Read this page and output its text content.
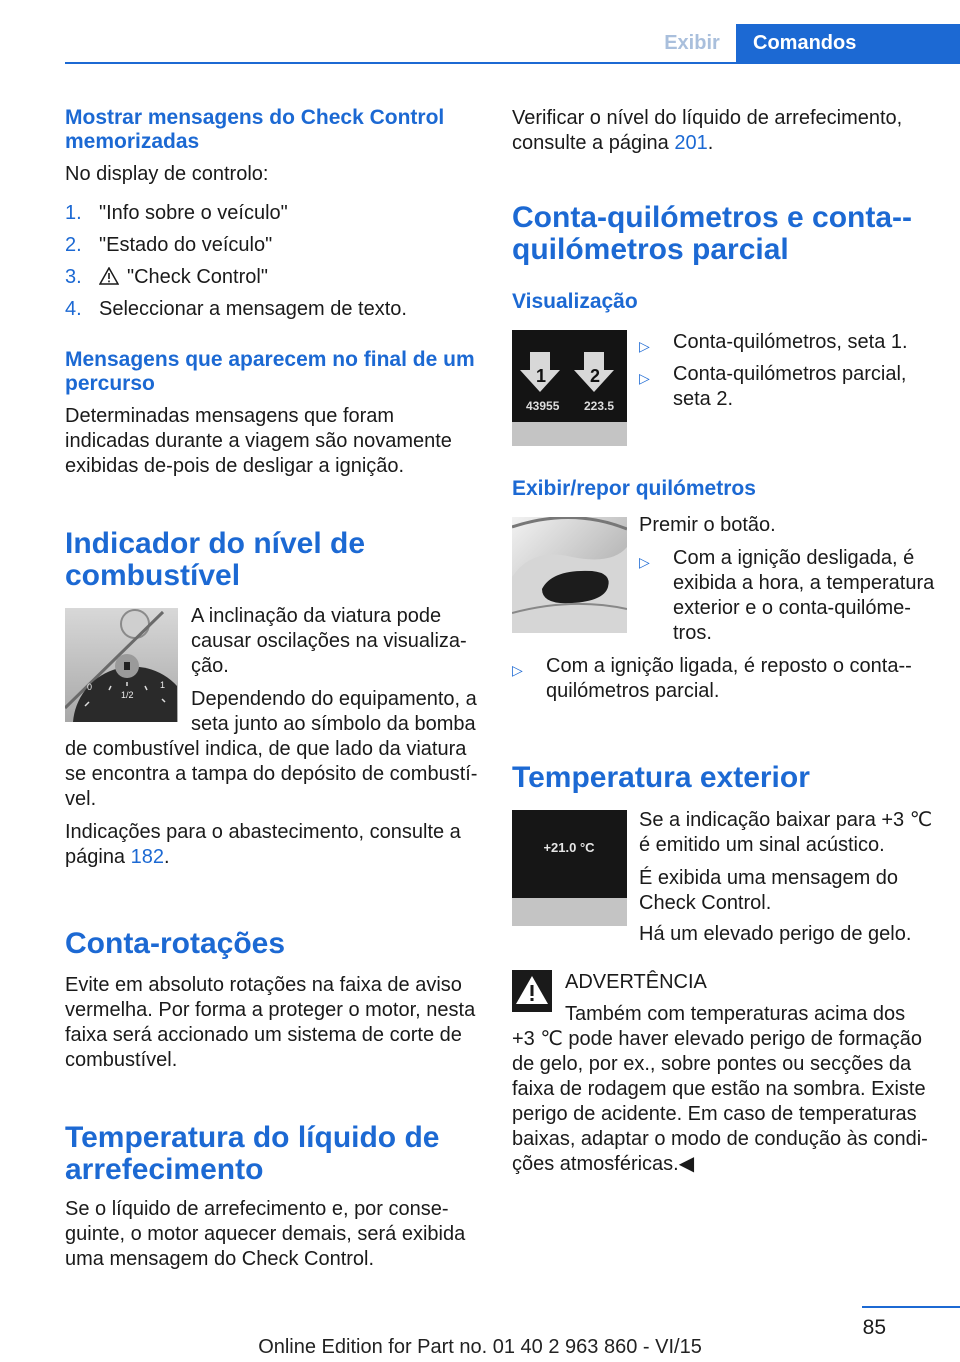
Exibir	Comandos
Mostrar mensagens do Check Control memorizadas
No display de controlo:
1. "Info sobre o veículo"
2. "Estado do veículo"
3. "Check Control"
4. Seleccionar a mensagem de texto.
Mensagens que aparecem no final de um percurso
Determinadas mensagens que foram indicadas durante a viagem são novamente exibidas de-pois de desligar a ignição.
Indicador do nível de combustível
0
1/2
1
A inclinação da viatura pode causar oscilações na visualiza-ção.
Dependendo do equipamento, a seta junto ao símbolo da bomba
de combustível indica, de que lado da viatura se encontra a tampa do depósito de combustí-vel.
Indicações para o abastecimento, consulte a página 182.
Conta-rotações
Evite em absoluto rotações na faixa de aviso vermelha. Por forma a proteger o motor, nesta faixa será accionado um sistema de corte de combustível.
Temperatura do líquido de arrefecimento
Se o líquido de arrefecimento e, por conse-guinte, o motor aquecer demais, será exibida uma mensagem do Check Control.
Verificar o nível do líquido de arrefecimento, consulte a página 201.
Conta-quilómetros e conta--quilómetros parcial
Visualização
1 2
43955 223.5
▷ Conta-quilómetros, seta 1.
▷ Conta-quilómetros parcial, seta 2.
Exibir/repor quilómetros
Premir o botão.
▷ Com a ignição desligada, é exibida a hora, a temperatura exterior e o conta-quilóme-tros.
▷ Com a ignição ligada, é reposto o conta--quilómetros parcial.
Temperatura exterior
+21.0 °C
Se a indicação baixar para +3 ℃ é emitido um sinal acústico.
É exibida uma mensagem do Check Control.
Há um elevado perigo de gelo.
ADVERTÊNCIA
Também com temperaturas acima dos
+3 ℃ pode haver elevado perigo de formação de gelo, por ex., sobre pontes ou secções da faixa de rodagem que estão na sombra. Existe perigo de acidente. Em caso de temperaturas baixas, adaptar o modo de condução às condi-ções atmosféricas.◀
85
Online Edition for Part no. 01 40 2 963 860 - VI/15
